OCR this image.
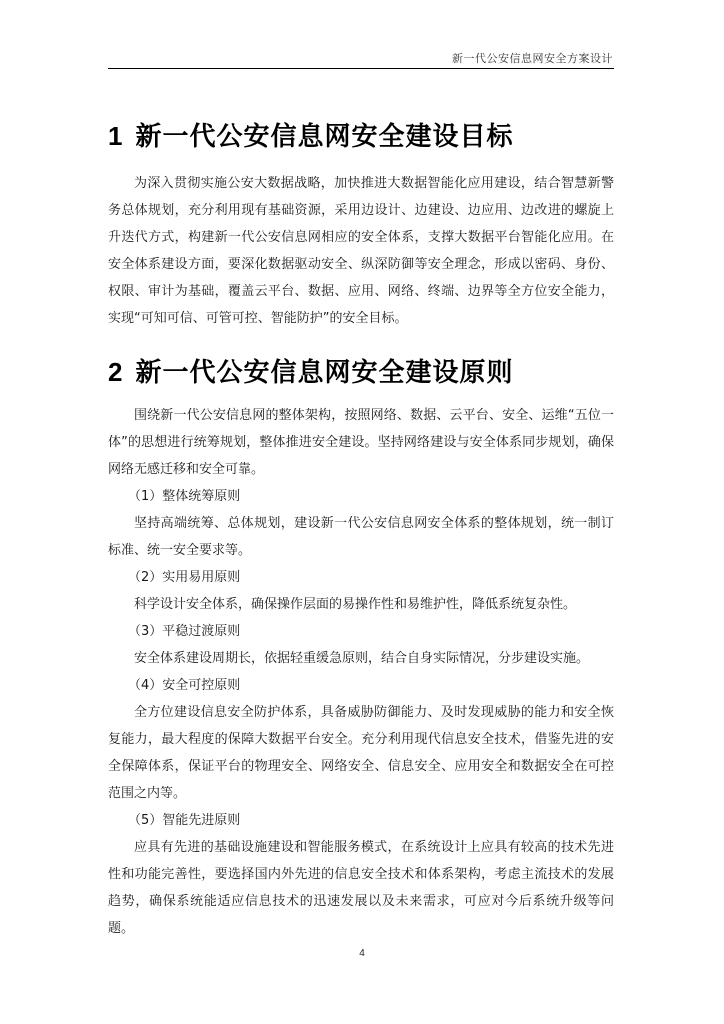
新一代公安信息网安全方案设计
1 新一代公安信息网安全建设目标

为深入贯彻实施公安大数据战略，加快推进大数据智能化应用建设，结合智慧新警务总体规划，充分利用现有基础资源，采用边设计、边建设、边应用、边改进的螺旋上升迭代方式，构建新一代公安信息网相应的安全体系，支撑大数据平台智能化应用。在安全体系建设方面，要深化数据驱动安全、纵深防御等安全理念，形成以密码、身份、权限、审计为基础，覆盖云平台、数据、应用、网络、终端、边界等全方位安全能力，实现“可知可信、可管可控、智能防护”的安全目标。

2 新一代公安信息网安全建设原则

围绕新一代公安信息网的整体架构，按照网络、数据、云平台、安全、运维“五位一体”的思想进行统筹规划，整体推进安全建设。坚持网络建设与安全体系同步规划，确保网络无感迁移和安全可靠。

（1）整体统筹原则

坚持高端统筹、总体规划，建设新一代公安信息网安全体系的整体规划，统一制订标准、统一安全要求等。

（2）实用易用原则

科学设计安全体系，确保操作层面的易操作性和易维护性，降低系统复杂性。

（3）平稳过渡原则

安全体系建设周期长，依据轻重缓急原则，结合自身实际情况，分步建设实施。

（4）安全可控原则

全方位建设信息安全防护体系，具备威胁防御能力、及时发现威胁的能力和安全恢复能力，最大程度的保障大数据平台安全。充分利用现代信息安全技术，借鉴先进的安全保障体系，保证平台的物理安全、网络安全、信息安全、应用安全和数据安全在可控范围之内等。

（5）智能先进原则

应具有先进的基础设施建设和智能服务模式，在系统设计上应具有较高的技术先进性和功能完善性，要选择国内外先进的信息安全技术和体系架构，考虑主流技术的发展趋势，确保系统能适应信息技术的迅速发展以及未来需求，可应对今后系统升级等问题。

4
